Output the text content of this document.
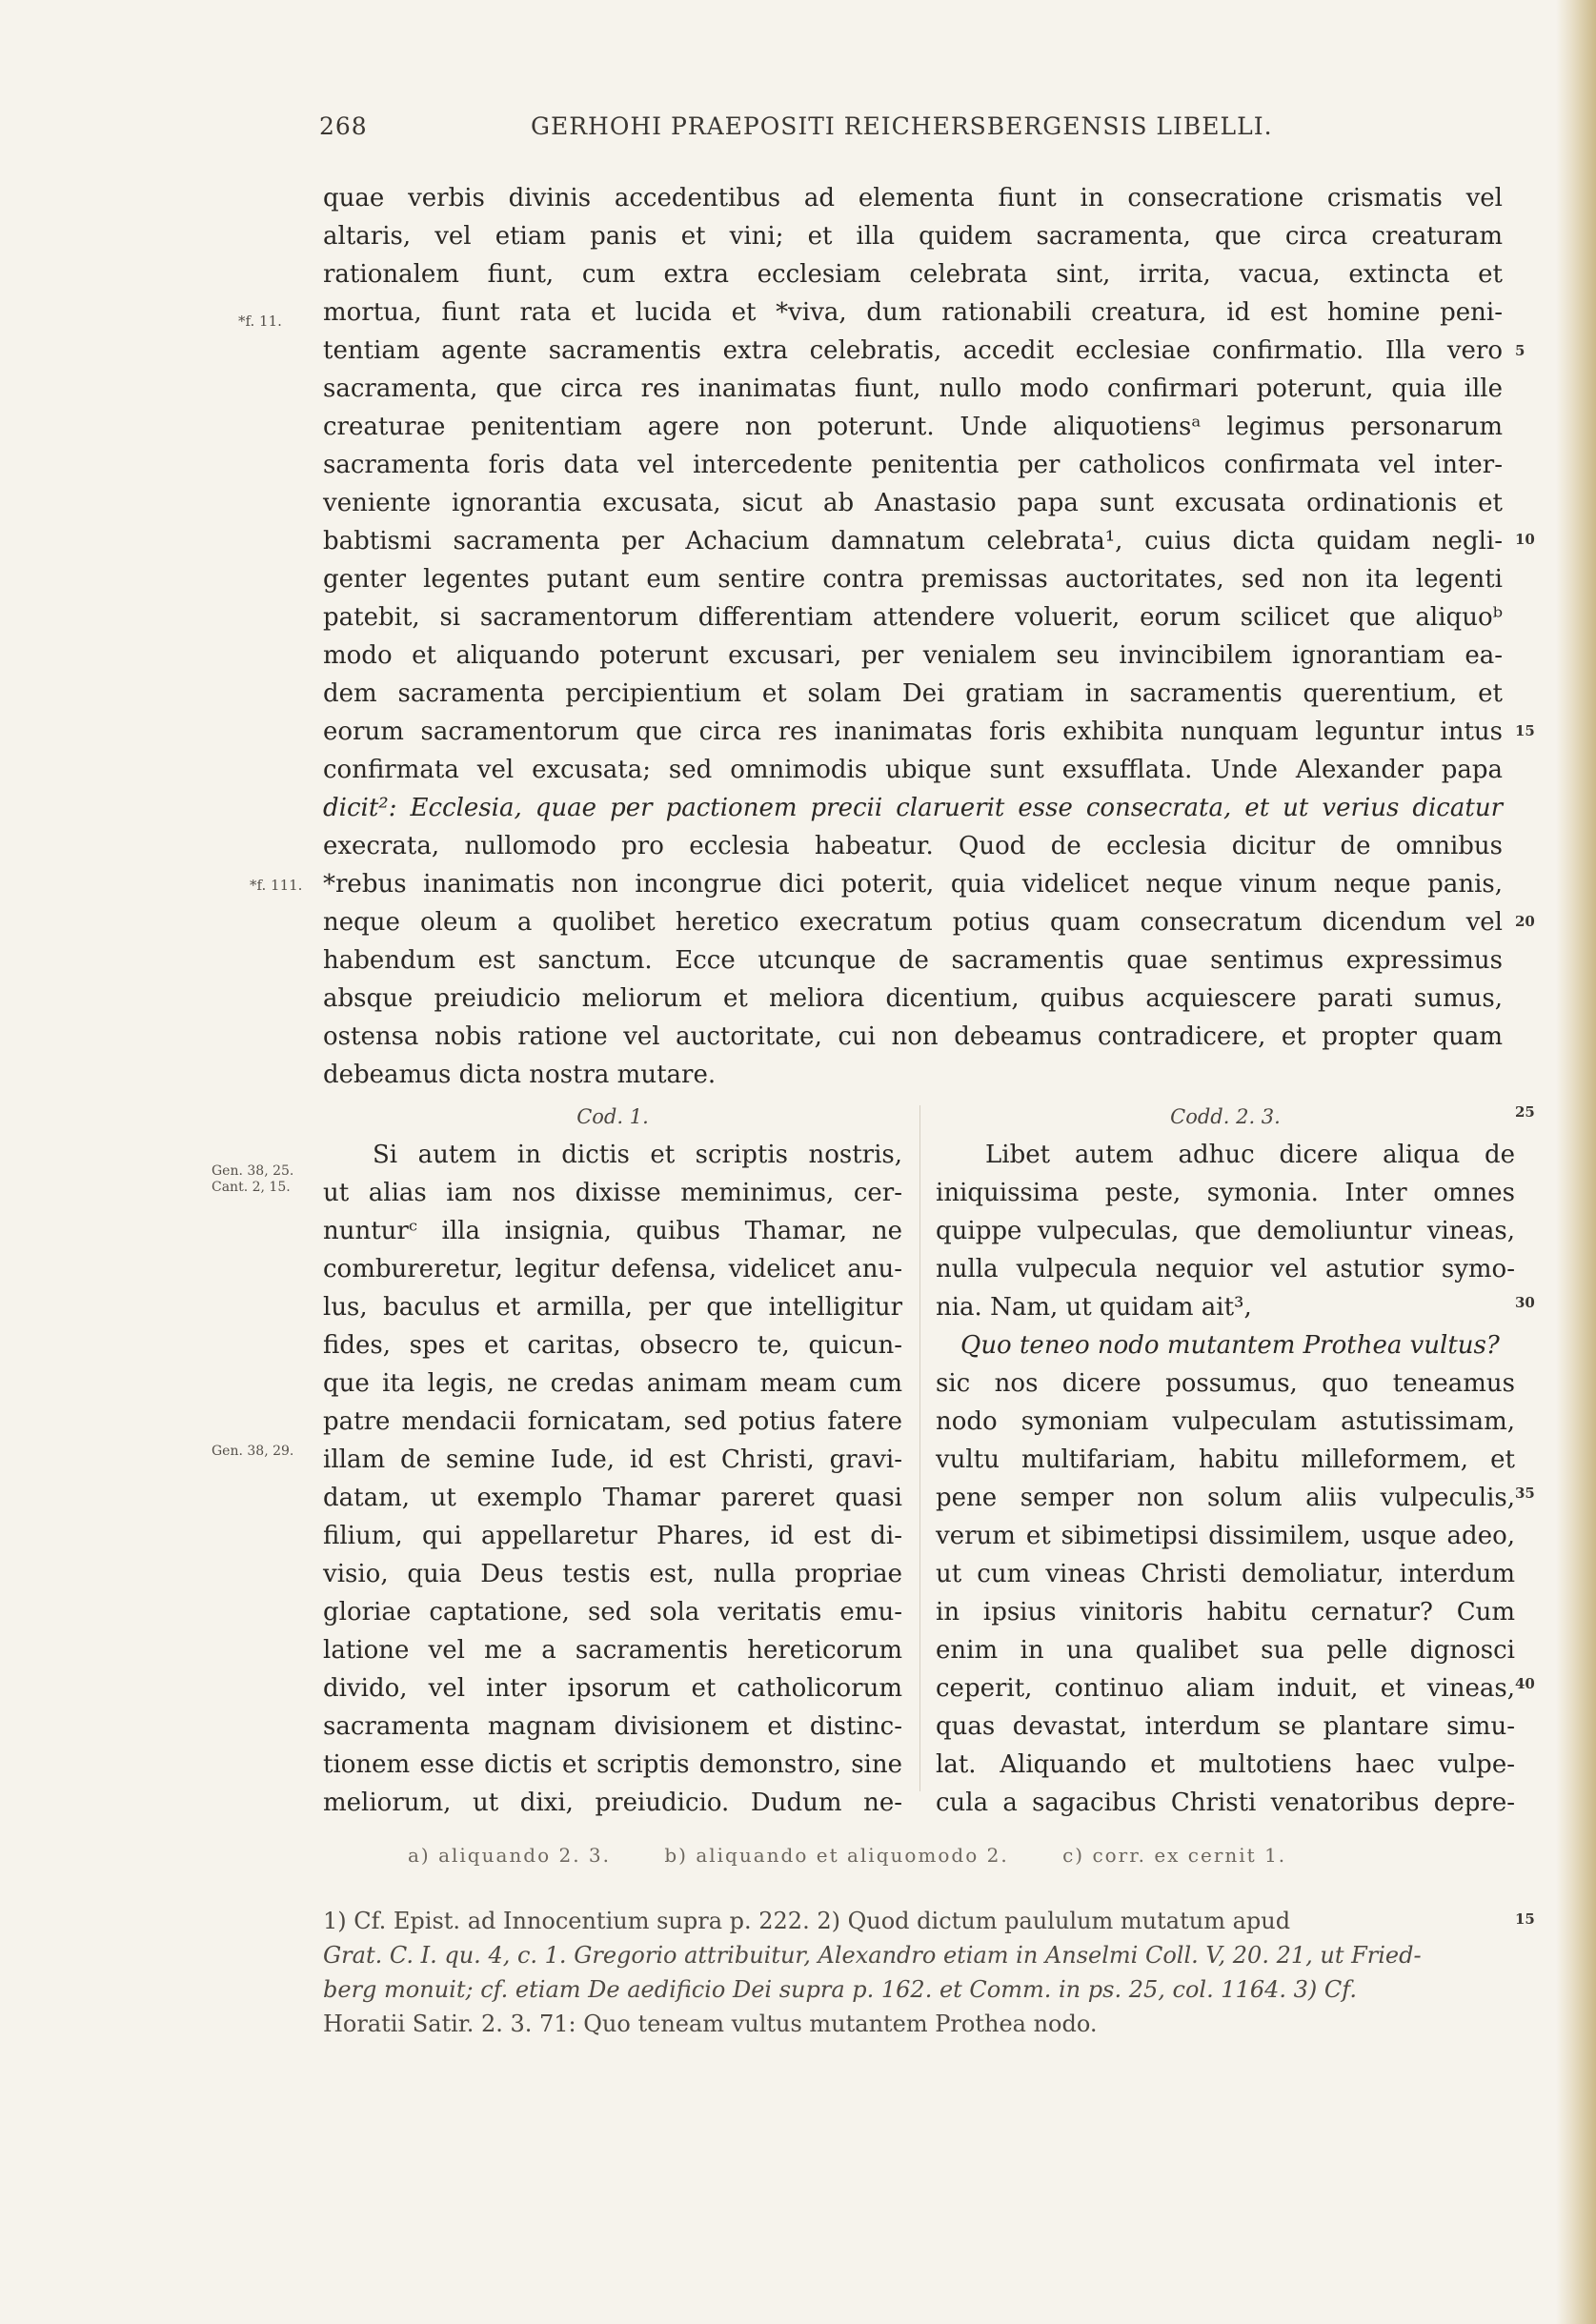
268	GERHOHI PRAEPOSITI REICHERSBERGENSIS LIBELLI.
*f. 11.
*f. 111.
Gen. 38, 25.
Cant. 2, 15.
Gen. 38, 29.
5
10
15
20
25
30
35
40
quae verbis divinis accedentibus ad elementa fiunt in consecratione crismatis vel
altaris, vel etiam panis et vini; et illa quidem sacramenta, que circa creaturam
rationalem fiunt, cum extra ecclesiam celebrata sint, irrita, vacua, extincta et
mortua, fiunt rata et lucida et *viva, dum rationabili creatura, id est homine peni-
tentiam agente sacramentis extra celebratis, accedit ecclesiae confirmatio. Illa vero
sacramenta, que circa res inanimatas fiunt, nullo modo confirmari poterunt, quia ille
creaturae penitentiam agere non poterunt. Unde aliquotiensᵃ legimus personarum
sacramenta foris data vel intercedente penitentia per catholicos confirmata vel inter-
veniente ignorantia excusata, sicut ab Anastasio papa sunt excusata ordinationis et
babtismi sacramenta per Achacium damnatum celebrata¹, cuius dicta quidam negli-
genter legentes putant eum sentire contra premissas auctoritates, sed non ita legenti
patebit, si sacramentorum differentiam attendere voluerit, eorum scilicet que aliquoᵇ
modo et aliquando poterunt excusari, per venialem seu invincibilem ignorantiam ea-
dem sacramenta percipientium et solam Dei gratiam in sacramentis querentium, et
eorum sacramentorum que circa res inanimatas foris exhibita nunquam leguntur intus
confirmata vel excusata; sed omnimodis ubique sunt exsufflata. Unde Alexander papa
dicit²: Ecclesia, quae per pactionem precii claruerit esse consecrata, et ut verius dicatur
execrata, nullomodo pro ecclesia habeatur. Quod de ecclesia dicitur de omnibus
*rebus inanimatis non incongrue dici poterit, quia videlicet neque vinum neque panis,
neque oleum a quolibet heretico execratum potius quam consecratum dicendum vel
habendum est sanctum. Ecce utcunque de sacramentis quae sentimus expressimus
absque preiudicio meliorum et meliora dicentium, quibus acquiescere parati sumus,
ostensa nobis ratione vel auctoritate, cui non debeamus contradicere, et propter quam
debeamus dicta nostra mutare.
Cod. 1.
Si autem in dictis et scriptis nostris,
ut alias iam nos dixisse meminimus, cer-
nunturᶜ illa insignia, quibus Thamar, ne
combureretur, legitur defensa, videlicet anu-
lus, baculus et armilla, per que intelligitur
fides, spes et caritas, obsecro te, quicun-
que ita legis, ne credas animam meam cum
patre mendacii fornicatam, sed potius fatere
illam de semine Iude, id est Christi, gravi-
datam, ut exemplo Thamar pareret quasi
filium, qui appellaretur Phares, id est di-
visio, quia Deus testis est, nulla propriae
gloriae captatione, sed sola veritatis emu-
latione vel me a sacramentis hereticorum
divido, vel inter ipsorum et catholicorum
sacramenta magnam divisionem et distinc-
tionem esse dictis et scriptis demonstro, sine
meliorum, ut dixi, preiudicio. Dudum ne-
Codd. 2. 3.
Libet autem adhuc dicere aliqua de
iniquissima peste, symonia. Inter omnes
quippe vulpeculas, que demoliuntur vineas,
nulla vulpecula nequior vel astutior symo-
nia. Nam, ut quidam ait³,
Quo teneo nodo mutantem Prothea vultus?
sic nos dicere possumus, quo teneamus
nodo symoniam vulpeculam astutissimam,
vultu multifariam, habitu milleformem, et
pene semper non solum aliis vulpeculis,
verum et sibimetipsi dissimilem, usque adeo,
ut cum vineas Christi demoliatur, interdum
in ipsius vinitoris habitu cernatur? Cum
enim in una qualibet sua pelle dignosci
ceperit, continuo aliam induit, et vineas,
quas devastat, interdum se plantare simu-
lat. Aliquando et multotiens haec vulpe-
cula a sagacibus Christi venatoribus depre-
a) aliquando 2. 3.	b) aliquando et aliquomodo 2.	c) corr. ex cernit 1.
1) Cf. Epist. ad Innocentium supra p. 222. 2) Quod dictum paululum mutatum apud
Grat. C. I. qu. 4, c. 1. Gregorio attribuitur, Alexandro etiam in Anselmi Coll. V, 20. 21, ut Fried-
berg monuit; cf. etiam De aedificio Dei supra p. 162. et Comm. in ps. 25, col. 1164. 3) Cf.
Horatii Satir. 2. 3. 71: Quo teneam vultus mutantem Prothea nodo.
15
